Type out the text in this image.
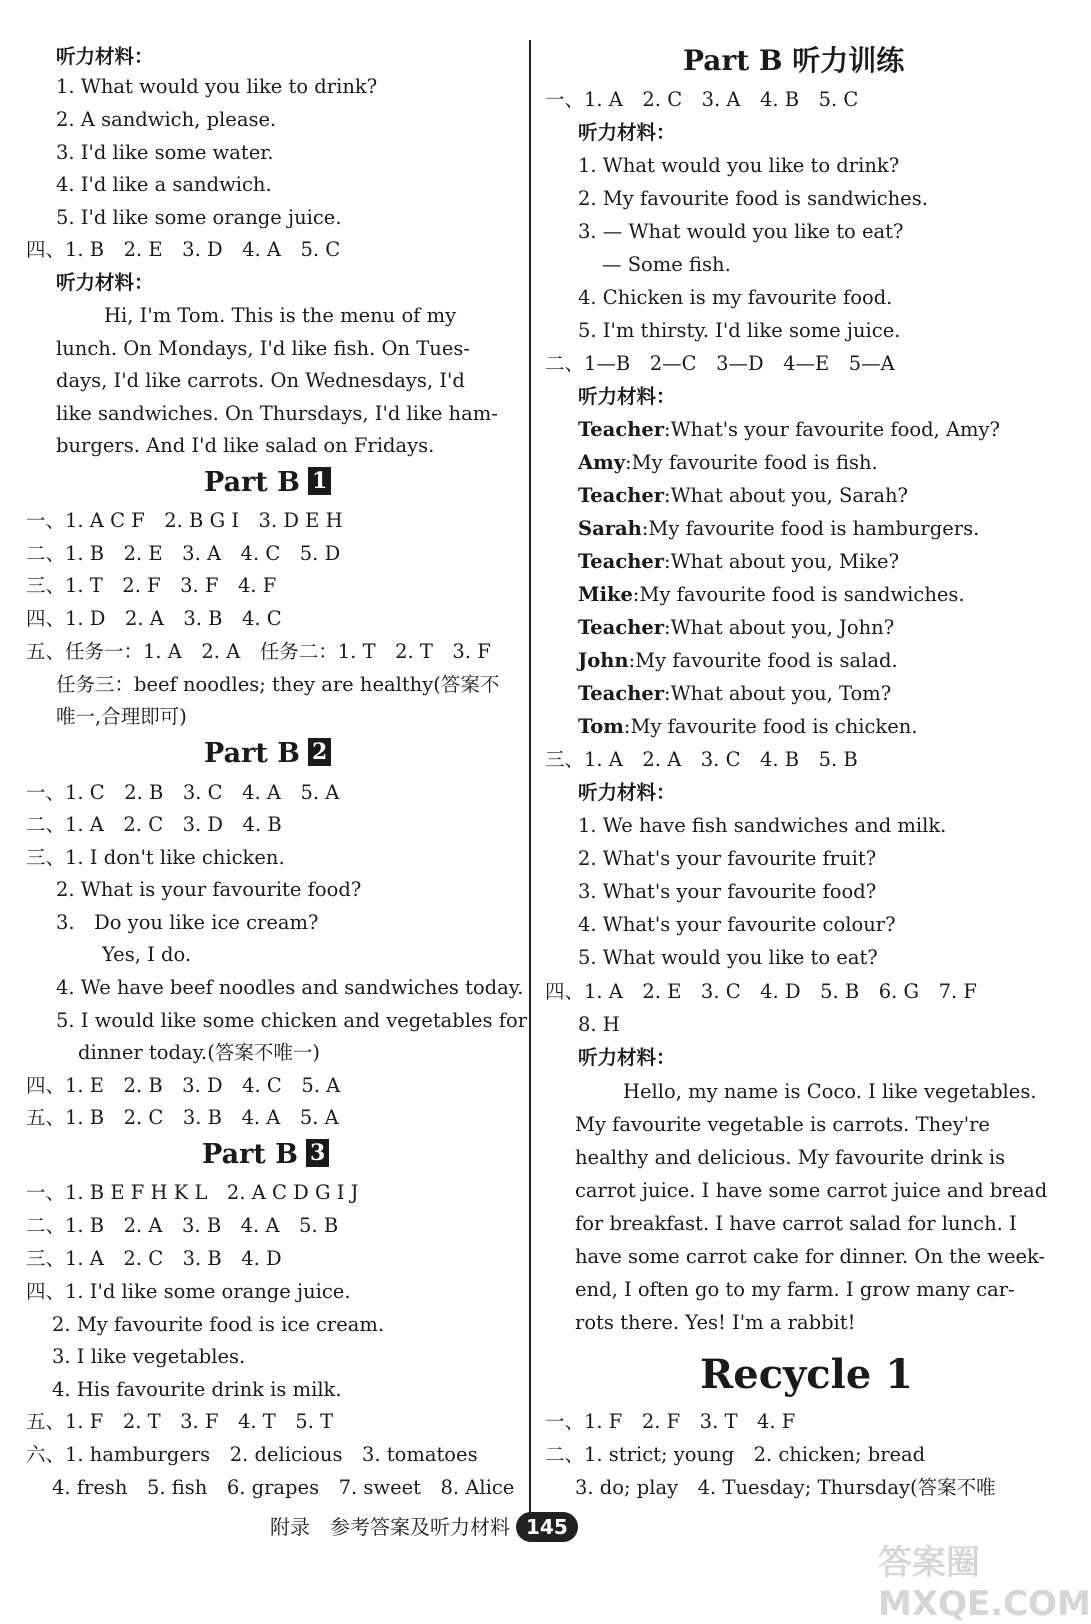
听力材料：
1. What would you like to drink?
2. A sandwich, please.
3. I'd like some water.
4. I'd like a sandwich.
5. I'd like some orange juice.
四、1. B　2. E　3. D　4. A　5. C
听力材料：
Hi, I'm Tom. This is the menu of my
lunch. On Mondays, I'd like fish. On Tues-
days, I'd like carrots. On Wednesdays, I'd
like sandwiches. On Thursdays, I'd like ham-
burgers. And I'd like salad on Fridays.
Part B 1
一、1. A C F　2. B G I　3. D E H
二、1. B　2. E　3. A　4. C　5. D
三、1. T　2. F　3. F　4. F
四、1. D　2. A　3. B　4. C
五、任务一：1. A　2. A　任务二：1. T　2. T　3. F
任务三：beef noodles; they are healthy(答案不
唯一,合理即可)
Part B 2
一、1. C　2. B　3. C　4. A　5. A
二、1. A　2. C　3. D　4. B
三、1. I don't like chicken.
2. What is your favourite food?
3.　Do you like ice cream?
Yes, I do.
4. We have beef noodles and sandwiches today.
5. I would like some chicken and vegetables for
dinner today.(答案不唯一)
四、1. E　2. B　3. D　4. C　5. A
五、1. B　2. C　3. B　4. A　5. A
Part B 3
一、1. B E F H K L　2. A C D G I J
二、1. B　2. A　3. B　4. A　5. B
三、1. A　2. C　3. B　4. D
四、1. I'd like some orange juice.
2. My favourite food is ice cream.
3. I like vegetables.
4. His favourite drink is milk.
五、1. F　2. T　3. F　4. T　5. T
六、1. hamburgers　2. delicious　3. tomatoes
4. fresh　5. fish　6. grapes　7. sweet　8. Alice
Part B 听力训练
一、1. A　2. C　3. A　4. B　5. C
听力材料：
1. What would you like to drink?
2. My favourite food is sandwiches.
3. — What would you like to eat?
— Some fish.
4. Chicken is my favourite food.
5. I'm thirsty. I'd like some juice.
二、1—B　2—C　3—D　4—E　5—A
听力材料：
Teacher:What's your favourite food, Amy?
Amy:My favourite food is fish.
Teacher:What about you, Sarah?
Sarah:My favourite food is hamburgers.
Teacher:What about you, Mike?
Mike:My favourite food is sandwiches.
Teacher:What about you, John?
John:My favourite food is salad.
Teacher:What about you, Tom?
Tom:My favourite food is chicken.
三、1. A　2. A　3. C　4. B　5. B
听力材料：
1. We have fish sandwiches and milk.
2. What's your favourite fruit?
3. What's your favourite food?
4. What's your favourite colour?
5. What would you like to eat?
四、1. A　2. E　3. C　4. D　5. B　6. G　7. F
8. H
听力材料：
Hello, my name is Coco. I like vegetables.
My favourite vegetable is carrots. They're
healthy and delicious. My favourite drink is
carrot juice. I have some carrot juice and bread
for breakfast. I have carrot salad for lunch. I
have some carrot cake for dinner. On the week-
end, I often go to my farm. I grow many car-
rots there. Yes! I'm a rabbit!
Recycle 1
一、1. F　2. F　3. T　4. F
二、1. strict; young　2. chicken; bread
3. do; play　4. Tuesday; Thursday(答案不唯
附录　参考答案及听力材料 145
答案圈 MXQE.COM
